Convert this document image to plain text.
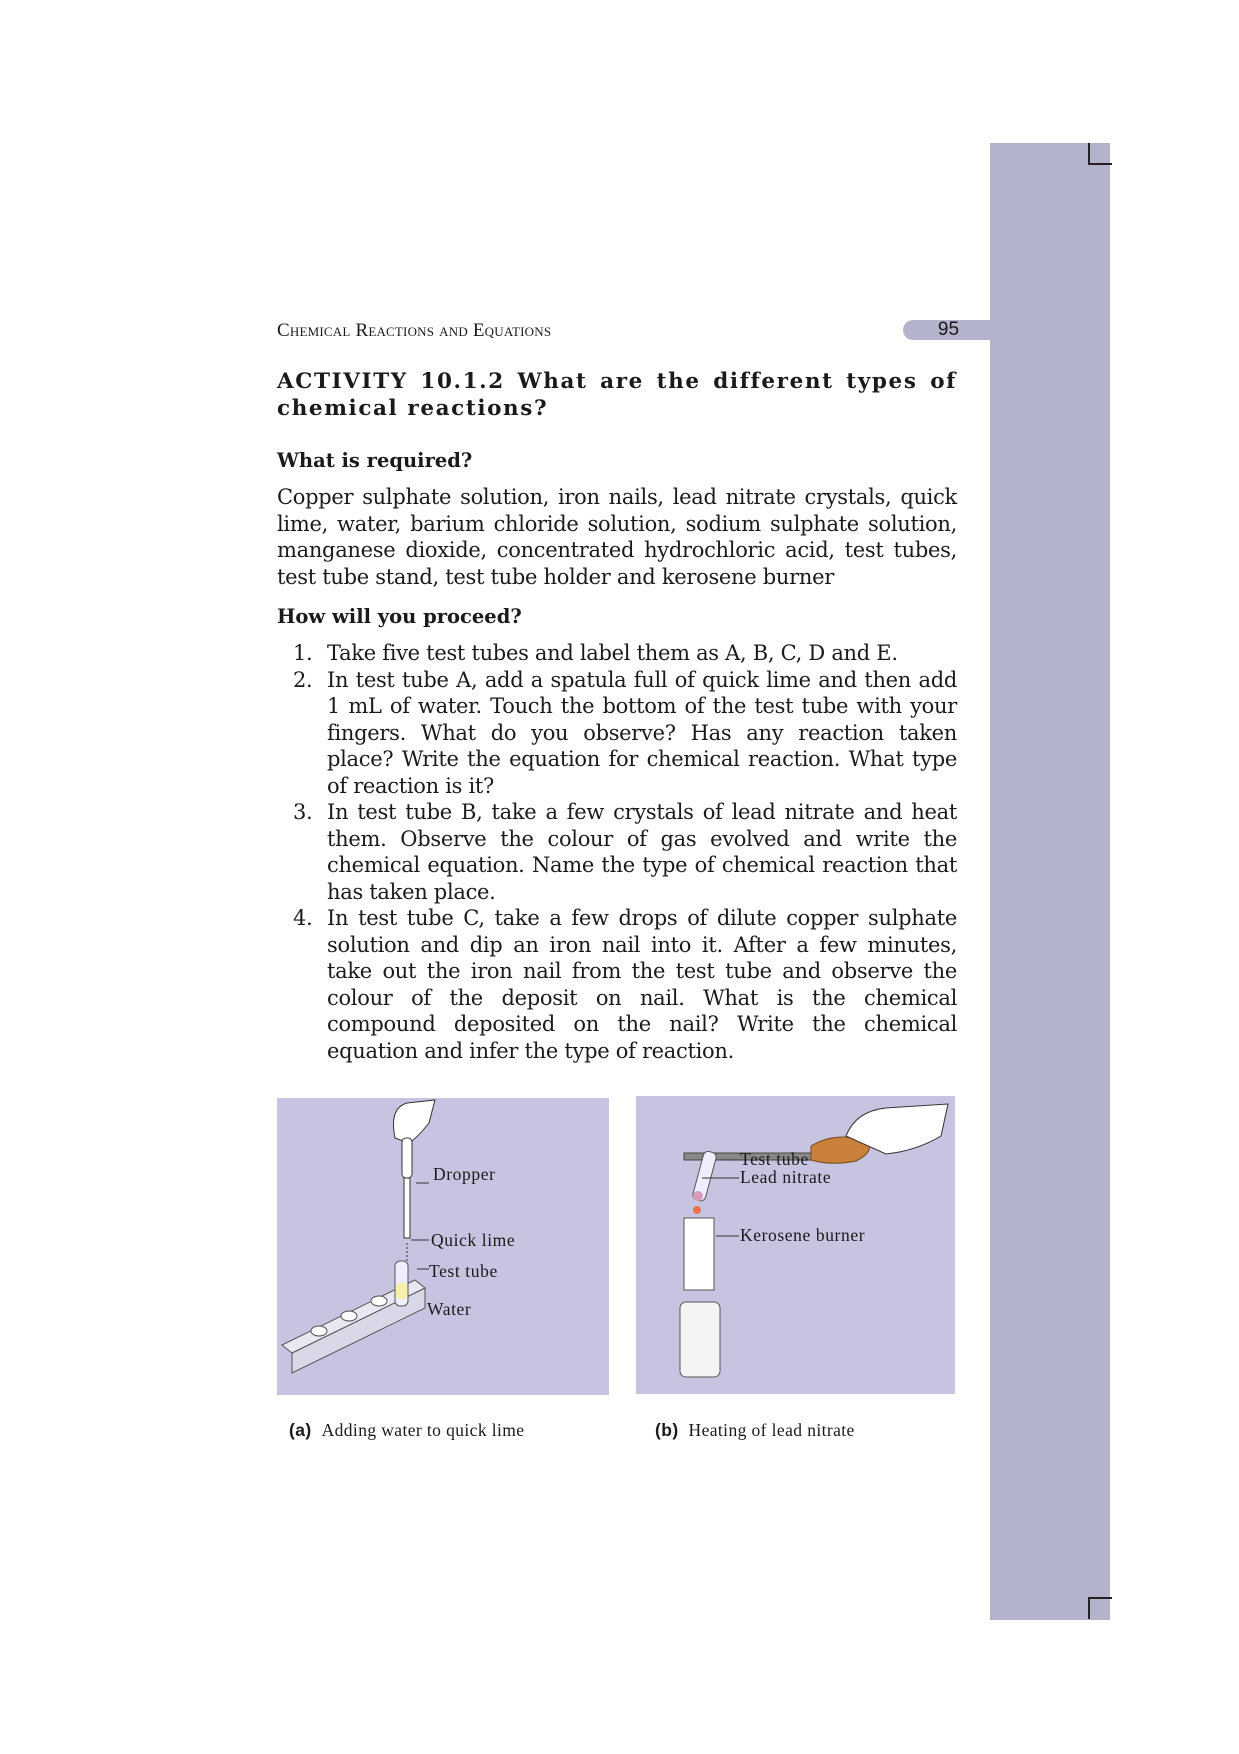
Chemical Reactions and Equations	95
ACTIVITY 10.1.2 What are the different types of chemical reactions?
What is required?

Copper sulphate solution, iron nails, lead nitrate crystals, quick lime, water, barium chloride solution, sodium sulphate solution, manganese dioxide, concentrated hydrochloric acid, test tubes, test tube stand, test tube holder and kerosene burner

How will you proceed?
1. Take five test tubes and label them as A, B, C, D and E.
2. In test tube A, add a spatula full of quick lime and then add 1 mL of water. Touch the bottom of the test tube with your fingers. What do you observe? Has any reaction taken place? Write the equation for chemical reaction. What type of reaction is it?
3. In test tube B, take a few crystals of lead nitrate and heat them. Observe the colour of gas evolved and write the chemical equation. Name the type of chemical reaction that has taken place.
4. In test tube C, take a few drops of dilute copper sulphate solution and dip an iron nail into it. After a few minutes, take out the iron nail from the test tube and observe the colour of the deposit on nail. What is the chemical compound deposited on the nail? Write the chemical equation and infer the type of reaction.
Dropper
Quick lime
Test tube
Water
Test tube
Lead nitrate
Kerosene burner
(a) Adding water to quick lime	(b) Heating of lead nitrate
